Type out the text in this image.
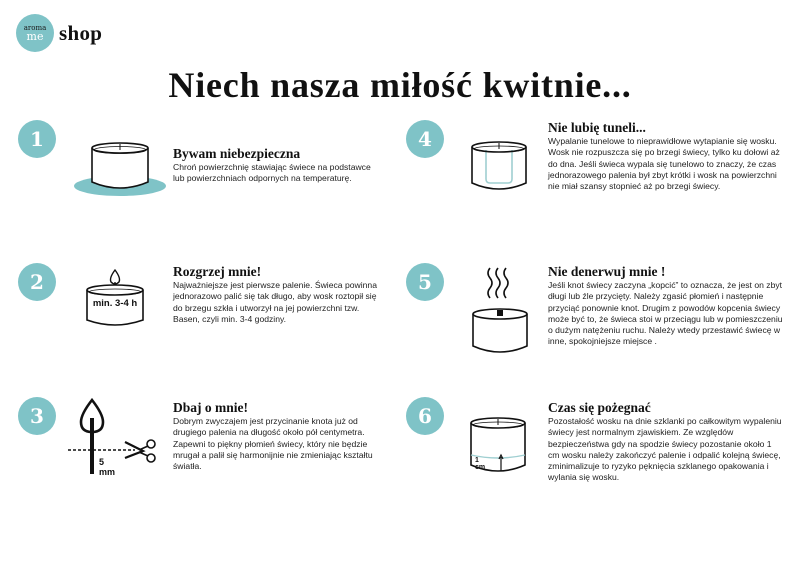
aroma
me shop
Niech nasza miłość kwitnie...
1
Bywam niebezpieczna
Chroń powierzchnię stawiając świece na podstawce lub powierzchniach odpornych na temperaturę.
2
min. 3-4 h
Rozgrzej mnie!
Najważniejsze jest pierwsze palenie. Świeca powinna jednorazowo palić się tak długo, aby wosk roztopił się do brzegu szkła i utworzył na jej powierzchni tzw. Basen, czyli min. 3-4 godziny.
3
5 mm
Dbaj o mnie!
Dobrym zwyczajem jest przycinanie knota już od drugiego palenia na długość około pół centymetra. Zapewni to piękny płomień świecy, który nie będzie mrugał a palił się harmonijnie nie zmieniając kształtu światła.
4	Nie lubię tuneli...
Wypalanie tunelowe to nieprawidłowe wytapianie się wosku. Wosk nie rozpuszcza się po brzegi świecy, tylko ku dołowi aż do dna. Jeśli świeca wypala się tunelowo to znaczy, że czas jednorazowego palenia był zbyt krótki i wosk na powierzchni nie miał szansy stopnieć aż po brzegi świecy.
5	Nie denerwuj mnie !
Jeśli knot świecy zaczyna „kopcić” to oznacza, że jest on zbyt długi lub źle przycięty. Należy zgasić płomień i następnie przyciąć ponownie knot. Drugim z powodów kopcenia świecy może być to, że świeca stoi w przeciągu lub w pomieszczeniu o dużym natężeniu ruchu. Należy wtedy przestawić świecę w inne, spokojniejsze miejsce .
6
1 cm
Czas się pożegnać
Pozostałość wosku na dnie szklanki po całkowitym wypaleniu świecy jest normalnym zjawiskiem. Ze względów bezpieczeństwa gdy na spodzie świecy pozostanie około 1 cm wosku należy zakończyć palenie i odpalić kolejną świecę, zminimalizuje to ryzyko pęknięcia szklanego opakowania i wylania się wosku.
